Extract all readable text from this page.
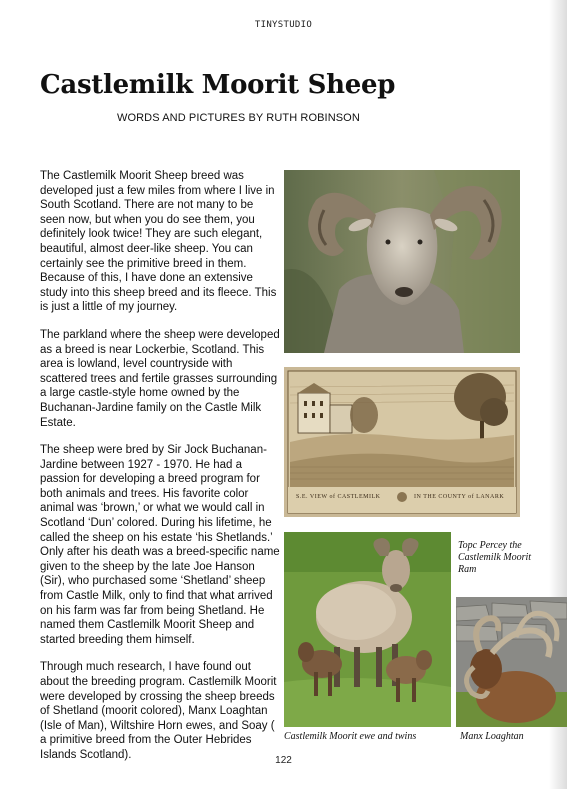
TINYSTUDIO
Castlemilk Moorit Sheep
WORDS AND PICTURES BY RUTH ROBINSON

The Castlemilk Moorit Sheep breed was developed just a few miles from where I live in South Scotland. There are not many to be seen now, but when you do see them, you definitely look twice! They are such elegant, beautiful, almost deer-like sheep. You can certainly see the primitive breed in them. Because of this, I have done an extensive study into this sheep breed and its fleece. This is just a little of my journey.

The parkland where the sheep were developed as a breed is near Lockerbie, Scotland. This area is lowland, level countryside with scattered trees and fertile grasses surrounding a large castle-style home owned by the Buchanan-Jardine family on the Castle Milk Estate.

The sheep were bred by Sir Jock Buchanan-Jardine between 1927 - 1970. He had a passion for developing a breed program for both animals and trees. His favorite color animal was ‘brown,’ or what we would call in Scotland ‘Dun’ colored. During his lifetime, he called the sheep on his estate ‘his Shetlands.’ Only after his death was a breed-specific name given to the sheep by the late Joe Hanson (Sir), who purchased some ‘Shetland’ sheep from Castle Milk, only to find that what arrived on his farm was far from being Shetland. He named them Castlemilk Moorit Sheep and started breeding them himself.

Through much research, I have found out about the breeding program. Castlemilk Moorit were developed by crossing the sheep breeds of Shetland (moorit colored), Manx Loaghtan (Isle of Man), Wiltshire Horn ewes, and Soay ( a primitive breed from the Outer Hebrides Islands Scotland).

S.E. VIEW of CASTLEMILK	IN THE COUNTY of LANARK
Topc Percey the Castlemilk Moorit Ram
Castlemilk Moorit ewe and twins	Manx Loaghtan
122
